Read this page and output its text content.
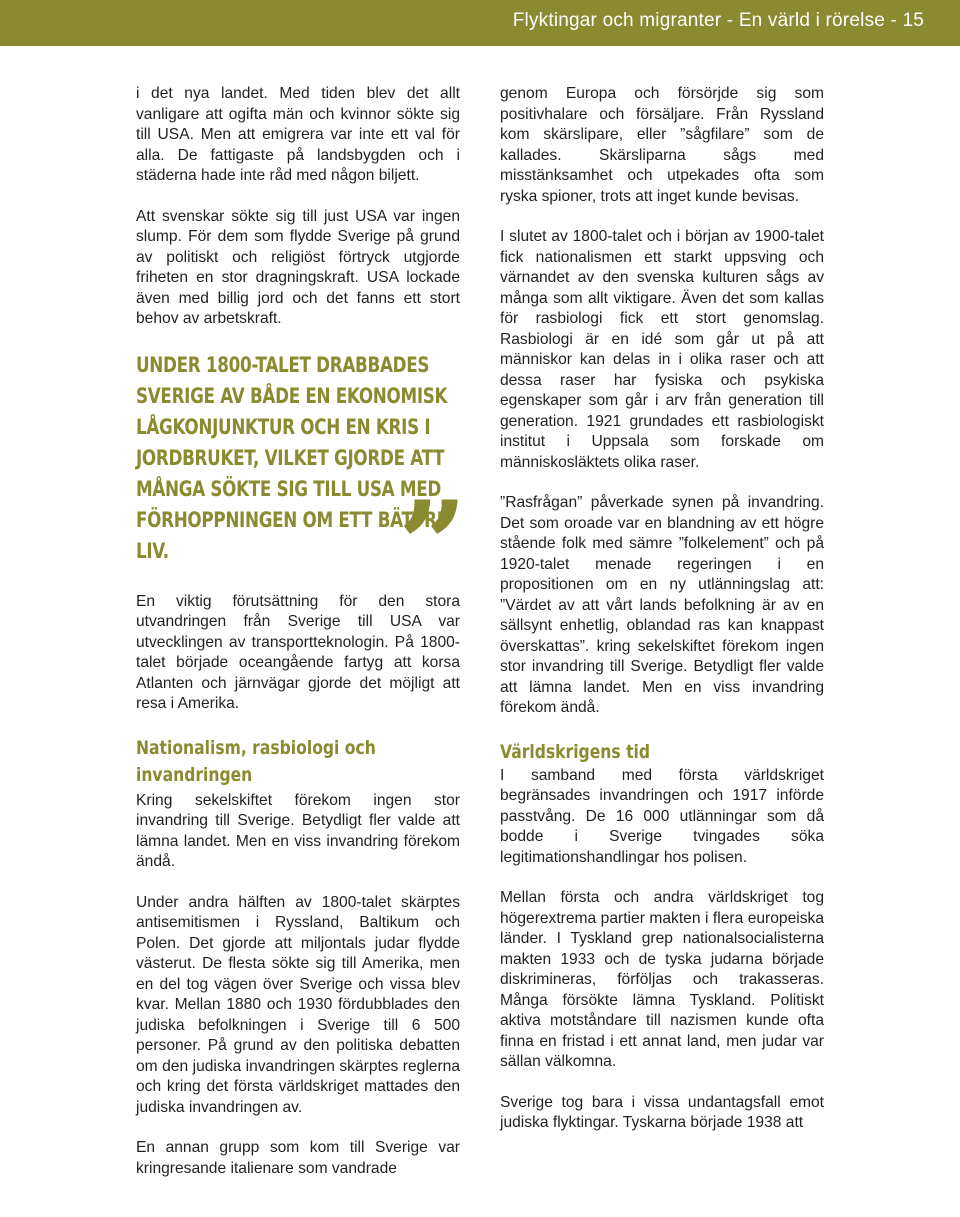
Flyktingar och migranter - En värld i rörelse - 15

i det nya landet. Med tiden blev det allt vanligare att ogifta män och kvinnor sökte sig till USA. Men att emigrera var inte ett val för alla. De fattigaste på landsbygden och i städerna hade inte råd med någon biljett.

Att svenskar sökte sig till just USA var ingen slump. För dem som flydde Sverige på grund av politiskt och religiöst förtryck utgjorde friheten en stor dragningskraft. USA lockade även med billig jord och det fanns ett stort behov av arbetskraft.

UNDER 1800-TALET DRABBADES SVERIGE AV BÅDE EN EKONOMISK LÅGKONJUNKTUR OCH EN KRIS I JORDBRUKET, VILKET GJORDE ATT MÅNGA SÖKTE SIG TILL USA MED FÖRHOPPNINGEN OM ETT BÄTTRE LIV.	”

En viktig förutsättning för den stora utvandringen från Sverige till USA var utvecklingen av transportteknologin. På 1800-talet började oceangående fartyg att korsa Atlanten och järnvägar gjorde det möjligt att resa i Amerika.

Nationalism, rasbiologi och invandringen

Kring sekelskiftet förekom ingen stor invandring till Sverige. Betydligt fler valde att lämna landet. Men en viss invandring förekom ändå.

Under andra hälften av 1800-talet skärptes antisemitismen i Ryssland, Baltikum och Polen. Det gjorde att miljontals judar flydde västerut. De flesta sökte sig till Amerika, men en del tog vägen över Sverige och vissa blev kvar. Mellan 1880 och 1930 fördubblades den judiska befolkningen i Sverige till 6 500 personer. På grund av den politiska debatten om den judiska invandringen skärptes reglerna och kring det första världskriget mattades den judiska invandringen av.

En annan grupp som kom till Sverige var kringresande italienare som vandrade

genom Europa och försörjde sig som positivhalare och försäljare. Från Ryssland kom skärslipare, eller ”sågfilare” som de kallades. Skärsliparna sågs med misstänksamhet och utpekades ofta som ryska spioner, trots att inget kunde bevisas.

I slutet av 1800-talet och i början av 1900-talet fick nationalismen ett starkt uppsving och värnandet av den svenska kulturen sågs av många som allt viktigare. Även det som kallas för rasbiologi fick ett stort genomslag. Rasbiologi är en idé som går ut på att människor kan delas in i olika raser och att dessa raser har fysiska och psykiska egenskaper som går i arv från generation till generation. 1921 grundades ett rasbiologiskt institut i Uppsala som forskade om människosläktets olika raser.

”Rasfrågan” påverkade synen på invandring. Det som oroade var en blandning av ett högre stående folk med sämre ”folkelement” och på 1920-talet menade regeringen i en propositionen om en ny utlänningslag att: ”Värdet av att vårt lands befolkning är av en sällsynt enhetlig, oblandad ras kan knappast överskattas”. kring sekelskiftet förekom ingen stor invandring till Sverige. Betydligt fler valde att lämna landet. Men en viss invandring förekom ändå.

Världskrigens tid

I samband med första världskriget begränsades invandringen och 1917 införde passtvång. De 16 000 utlänningar som då bodde i Sverige tvingades söka legitimationshandlingar hos polisen.

Mellan första och andra världskriget tog högerextrema partier makten i flera europeiska länder. I Tyskland grep nationalsocialisterna makten 1933 och de tyska judarna började diskrimineras, förföljas och trakasseras. Många försökte lämna Tyskland. Politiskt aktiva motståndare till nazismen kunde ofta finna en fristad i ett annat land, men judar var sällan välkomna.

Sverige tog bara i vissa undantagsfall emot judiska flyktingar. Tyskarna började 1938 att
